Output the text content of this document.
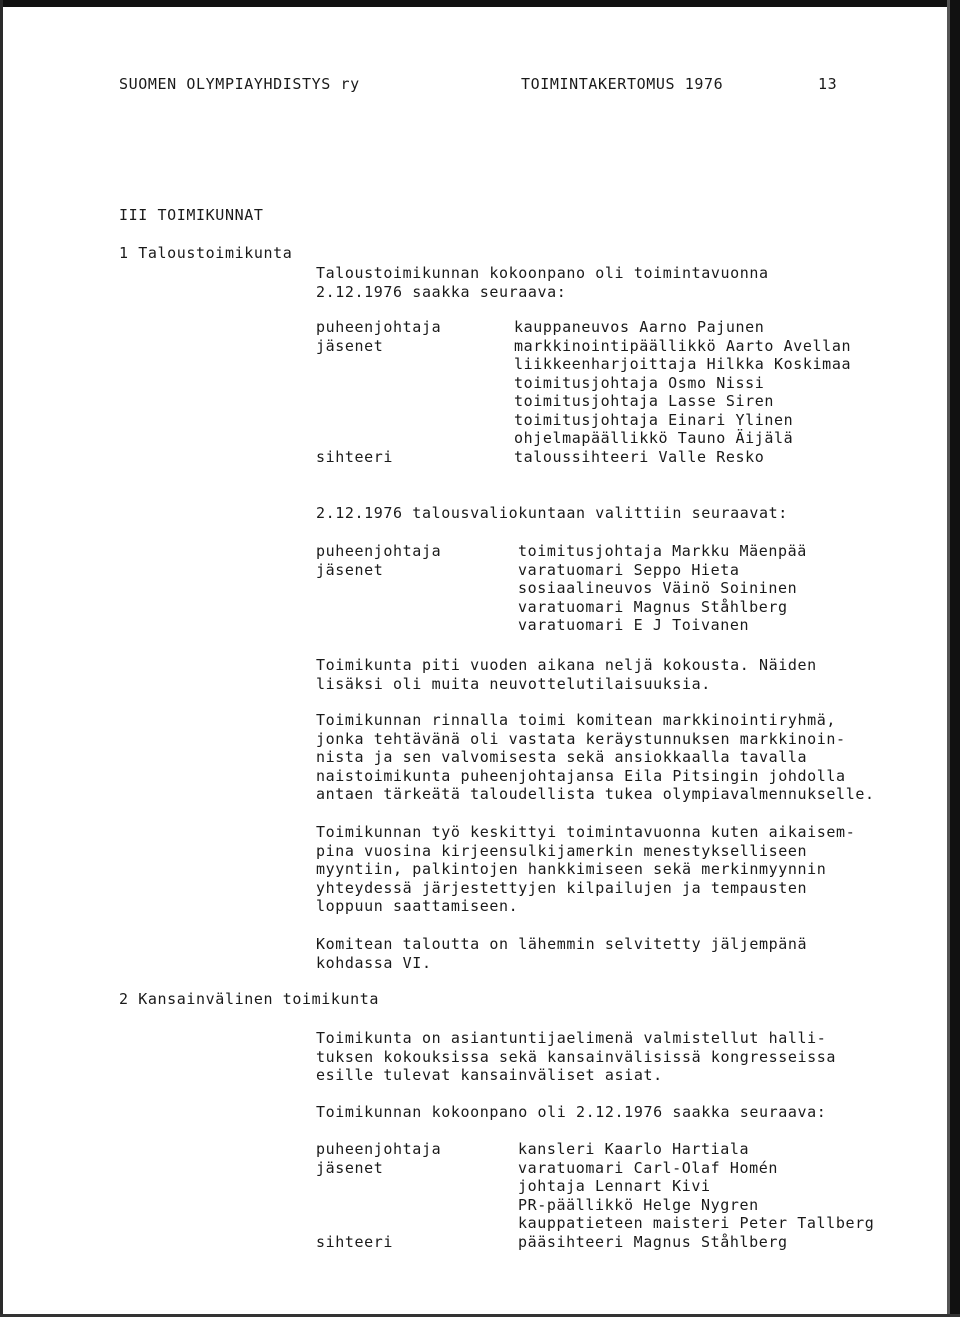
SUOMEN OLYMPIAYHDISTYS ry	TOIMINTAKERTOMUS 1976	13
III TOIMIKUNNAT
1 Taloustoimikunta
Taloustoimikunnan kokoonpano oli toimintavuonna
2.12.1976 saakka seuraava:
puheenjohtaja	kauppaneuvos Aarno Pajunen
jäsenet	markkinointipäällikkö Aarto Avellan
liikkeenharjoittaja Hilkka Koskimaa
toimitusjohtaja Osmo Nissi
toimitusjohtaja Lasse Siren
toimitusjohtaja Einari Ylinen
ohjelmapäällikkö Tauno Äijälä
sihteeri	taloussihteeri Valle Resko
2.12.1976 talousvaliokuntaan valittiin seuraavat:
puheenjohtaja	toimitusjohtaja Markku Mäenpää
jäsenet	varatuomari Seppo Hieta
sosiaalineuvos Väinö Soininen
varatuomari Magnus Ståhlberg
varatuomari E J Toivanen
Toimikunta piti vuoden aikana neljä kokousta. Näiden
lisäksi oli muita neuvottelutilaisuuksia.
Toimikunnan rinnalla toimi komitean markkinointiryhmä,
jonka tehtävänä oli vastata keräystunnuksen markkinoin-
nista ja sen valvomisesta sekä ansiokkaalla tavalla
naistoimikunta puheenjohtajansa Eila Pitsingin johdolla
antaen tärkeätä taloudellista tukea olympiavalmennukselle.
Toimikunnan työ keskittyi toimintavuonna kuten aikaisem-
pina vuosina kirjeensulkijamerkin menestykselliseen
myyntiin, palkintojen hankkimiseen sekä merkinmyynnin
yhteydessä järjestettyjen kilpailujen ja tempausten
loppuun saattamiseen.
Komitean taloutta on lähemmin selvitetty jäljempänä
kohdassa VI.
2 Kansainvälinen toimikunta
Toimikunta on asiantuntijaelimenä valmistellut halli-
tuksen kokouksissa sekä kansainvälisissä kongresseissa
esille tulevat kansainväliset asiat.
Toimikunnan kokoonpano oli 2.12.1976 saakka seuraava:
puheenjohtaja	kansleri Kaarlo Hartiala
jäsenet	varatuomari Carl-Olaf Homén
johtaja Lennart Kivi
PR-päällikkö Helge Nygren
kauppatieteen maisteri Peter Tallberg
sihteeri	pääsihteeri Magnus Ståhlberg
